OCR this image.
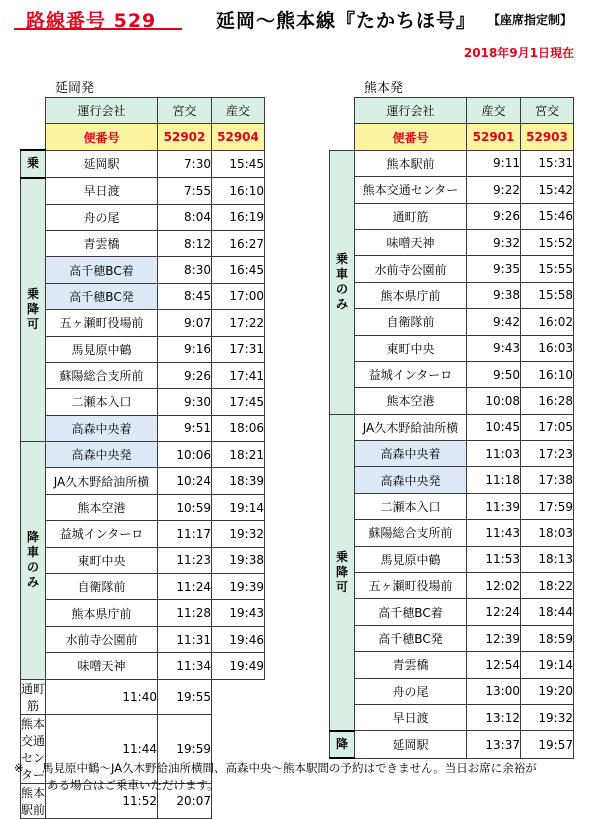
路線番号 529	延岡～熊本線『たかちほ号』 【座席指定制】
2018年9月1日現在
延岡発	熊本発
	運行会社	宮交	産交
	便番号	52902	52904
乗	延岡駅	7:30	15:45
乗
降
可	早日渡	7:55	16:10
	舟の尾	8:04	16:19
	青雲橋	8:12	16:27
	高千穂BC着	8:30	16:45
	高千穂BC発	8:45	17:00
	五ヶ瀬町役場前	9:07	17:22
	馬見原中鶴	9:16	17:31
	蘇陽総合支所前	9:26	17:41
	二瀬本入口	9:30	17:45
	高森中央着	9:51	18:06
降
車
の
み	高森中央発	10:06	18:21
	JA久木野給油所横	10:24	18:39
	熊本空港	10:59	19:14
	益城インターロ	11:17	19:32
	東町中央	11:23	19:38
	自衛隊前	11:24	19:39
	熊本県庁前	11:28	19:43
	水前寺公園前	11:31	19:46
	味噌天神	11:34	19:49
通町筋	11:40	19:55	
熊本交通センター	11:44	19:59	
熊本駅前	11:52	20:07	
	運行会社	産交	宮交
	便番号	52901	52903
乗
車
の
み	熊本駅前	9:11	15:31
	熊本交通センター	9:22	15:42
	通町筋	9:26	15:46
	味噌天神	9:32	15:52
	水前寺公園前	9:35	15:55
	熊本県庁前	9:38	15:58
	自衛隊前	9:42	16:02
	東町中央	9:43	16:03
	益城インターロ	9:50	16:10
	熊本空港	10:08	16:28
乗
降
可	JA久木野給油所横	10:45	17:05
	高森中央着	11:03	17:23
	高森中央発	11:18	17:38
	二瀬本入口	11:39	17:59
	蘇陽総合支所前	11:43	18:03
	馬見原中鶴	11:53	18:13
	五ヶ瀬町役場前	12:02	18:22
	高千穂BC着	12:24	18:44
	高千穂BC発	12:39	18:59
	青雲橋	12:54	19:14
	舟の尾	13:00	19:20
	早日渡	13:12	19:32
降	延岡駅	13:37	19:57
※ 馬見原中鶴～JA久木野給油所横間、高森中央～熊本駅間の予約はできません。当日お席に余裕が
ある場合はご乗車いただけます。
